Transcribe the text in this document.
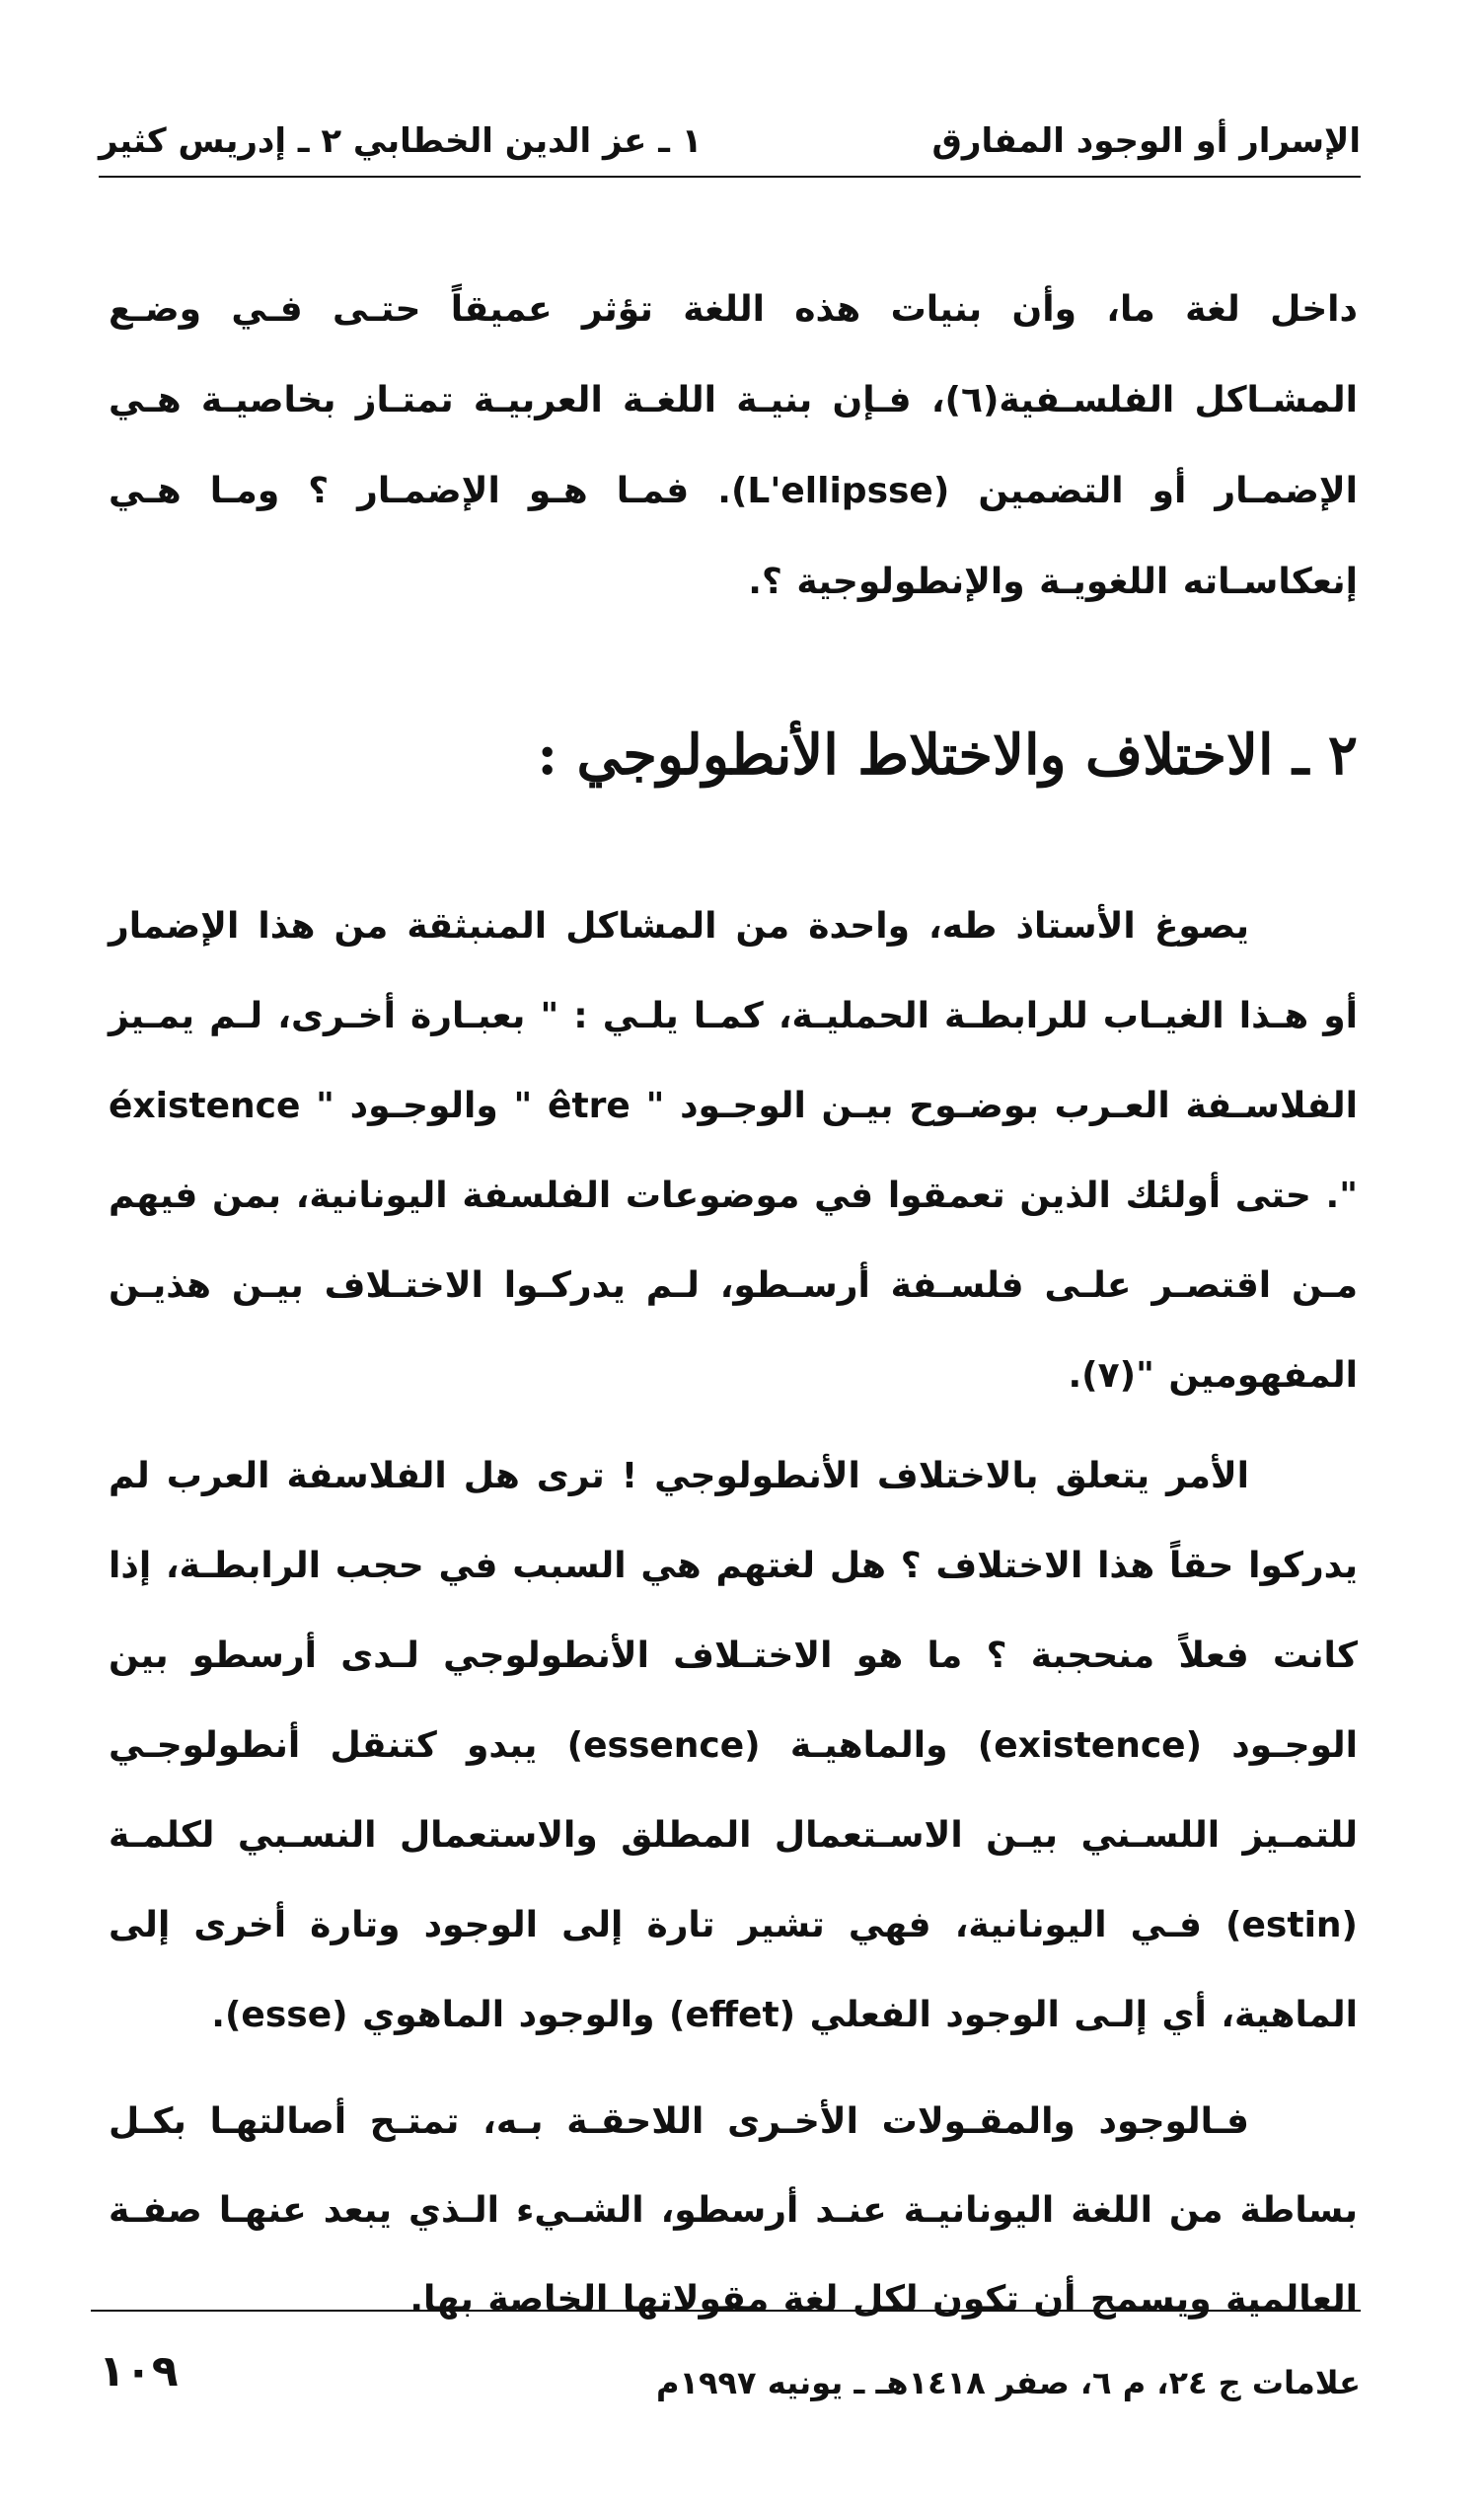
الإسرار أو الوجود المفارق
١ ـ عز الدين الخطابي ٢ ـ إدريس كثير

داخل لغة ما، وأن بنيات هذه اللغة تؤثر عميقاً حتـى فـي وضـع المشـاكل الفلسـفية(٦)، فـإن بنيـة اللغـة العربيـة تمتـاز بخاصيـة هـي الإضمـار أو التضمين (L'ellipsse). فمـا هـو الإضمـار ؟ ومـا هـي إنعكاسـاته اللغويـة والإنطولوجية ؟.

٢ ـ الاختلاف والاختلاط الأنطولوجي :

يصوغ الأستاذ طه، واحدة من المشاكل المنبثقة من هذا الإضمار أو هـذا الغيـاب للرابطـة الحمليـة، كمـا يلـي : " بعبـارة أخـرى، لـم يمـيز الفلاسـفة العـرب بوضـوح بيـن الوجـود " être " والوجـود " éxistence ". حتى أولئك الذين تعمقوا في موضوعات الفلسفة اليونانية، بمن فيهم مـن اقتصـر علـى فلسـفة أرسـطو، لـم يدركـوا الاختـلاف بيـن هذيـن المفهومين "(٧).

الأمر يتعلق بالاختلاف الأنطولوجي ! ترى هل الفلاسفة العرب لم يدركوا حقاً هذا الاختلاف ؟ هل لغتهم هي السبب في حجب الرابطـة، إذا كانت فعلاً منحجبة ؟ ما هو الاختـلاف الأنطولوجي لـدى أرسطو بين الوجـود (existence) والماهيـة (essence) يبدو كتنقل أنطولوجـي للتمـيز اللسـني بيـن الاسـتعمال المطلق والاستعمال النسـبي لكلمـة (estin) فـي اليونانية، فهي تشير تارة إلى الوجود وتارة أخرى إلى الماهية، أي إلـى الوجود الفعلي (effet) والوجود الماهوي (esse).

فـالوجود والمقـولات الأخـرى اللاحقـة بـه، تمتـح أصالتهـا بكـل بساطة من اللغة اليونانيـة عنـد أرسطو، الشـيء الـذي يبعد عنهـا صفـة العالمية ويسمح أن تكون لكل لغة مقولاتها الخاصة بها.

علامات ج ٢٤، م ٦، صفر ١٤١٨هـ ـ يونيه ١٩٩٧م
١٠٩
